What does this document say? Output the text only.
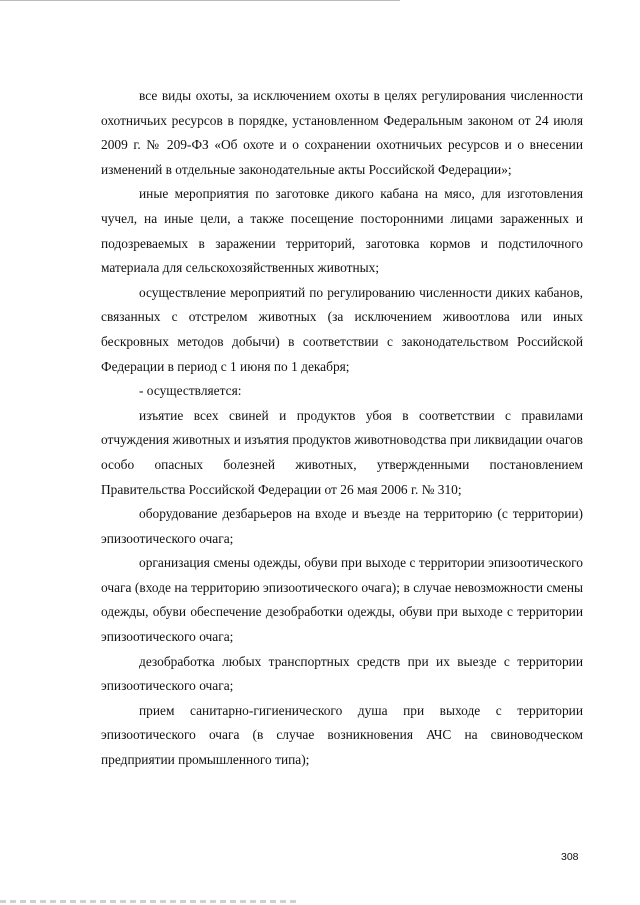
все виды охоты, за исключением охоты в целях регулирования численности охотничьих ресурсов в порядке, установленном Федеральным законом от 24 июля 2009 г. № 209-ФЗ «Об охоте и о сохранении охотничьих ресурсов и о внесении изменений в отдельные законодательные акты Российской Федерации»;

иные мероприятия по заготовке дикого кабана на мясо, для изготовления чучел, на иные цели, а также посещение посторонними лицами зараженных и подозреваемых в заражении территорий, заготовка кормов и подстилочного материала для сельскохозяйственных животных;

осуществление мероприятий по регулированию численности диких кабанов, связанных с отстрелом животных (за исключением живоотлова или иных бескровных методов добычи) в соответствии с законодательством Российской Федерации в период с 1 июня по 1 декабря;

- осуществляется:

изъятие всех свиней и продуктов убоя в соответствии с правилами отчуждения животных и изъятия продуктов животноводства при ликвидации очагов особо опасных болезней животных, утвержденными постановлением Правительства Российской Федерации от 26 мая 2006 г. № 310;

оборудование дезбарьеров на входе и въезде на территорию (с территории) эпизоотического очага;

организация смены одежды, обуви при выходе с территории эпизоотического очага (входе на территорию эпизоотического очага); в случае невозможности смены одежды, обуви обеспечение дезобработки одежды, обуви при выходе с территории эпизоотического очага;

дезобработка любых транспортных средств при их выезде с территории эпизоотического очага;

прием санитарно-гигиенического душа при выходе с территории эпизоотического очага (в случае возникновения АЧС на свиноводческом предприятии промышленного типа);

308
